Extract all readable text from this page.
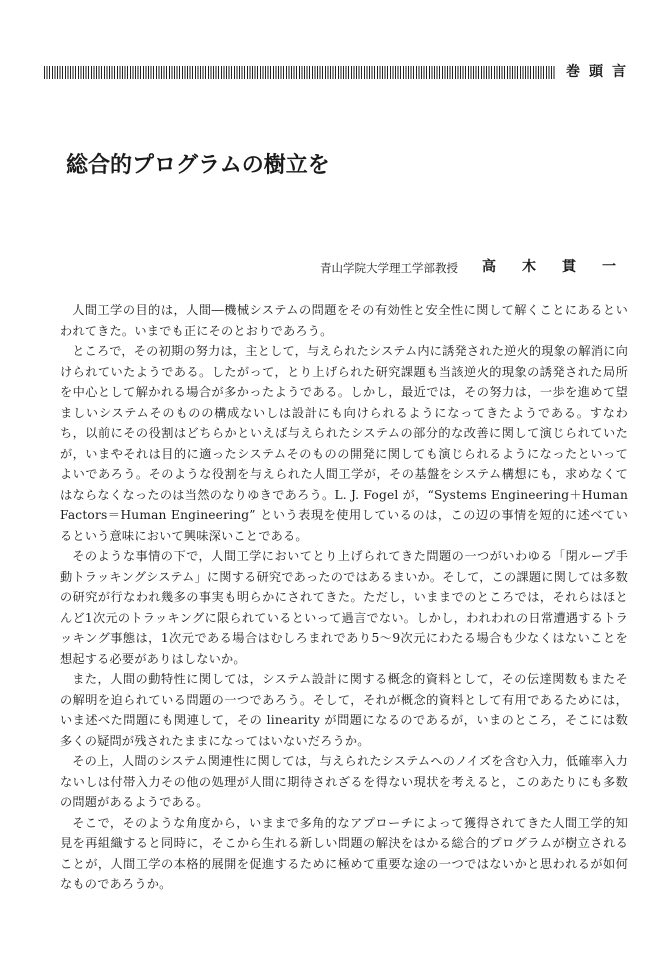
巻頭言
総合的プログラムの樹立を
青山学院大学理工学部教授 高木貫一

人間工学の目的は，人間―機械システムの問題をその有効性と安全性に関して解くことにあるといわれてきた。いまでも正にそのとおりであろう。

ところで，その初期の努力は，主として，与えられたシステム内に誘発された逆火的現象の解消に向けられていたようである。したがって，とり上げられた研究課題も当該逆火的現象の誘発された局所を中心として解かれる場合が多かったようである。しかし，最近では，その努力は，一歩を進めて望ましいシステムそのものの構成ないしは設計にも向けられるようになってきたようである。すなわち，以前にその役割はどちらかといえば与えられたシステムの部分的な改善に関して演じられていたが，いまやそれは目的に適ったシステムそのものの開発に関しても演じられるようになったといってよいであろう。そのような役割を与えられた人間工学が，その基盤をシステム構想にも，求めなくてはならなくなったのは当然のなりゆきであろう。L. J. Fogel が，“Systems Engineering＋Human Factors＝Human Engineering” という表現を使用しているのは，この辺の事情を短的に述べているという意味において興味深いことである。

そのような事情の下で，人間工学においてとり上げられてきた問題の一つがいわゆる「閉ループ手動トラッキングシステム」に関する研究であったのではあるまいか。そして，この課題に関しては多数の研究が行なわれ幾多の事実も明らかにされてきた。ただし，いままでのところでは，それらはほとんど1次元のトラッキングに限られているといって過言でない。しかし，われわれの日常遭遇するトラッキング事態は，1次元である場合はむしろまれであり5～9次元にわたる場合も少なくはないことを想起する必要がありはしないか。

また，人間の動特性に関しては，システム設計に関する概念的資料として，その伝達関数もまたその解明を迫られている問題の一つであろう。そして，それが概念的資料として有用であるためには，いま述べた問題にも関連して，その linearity が問題になるのであるが，いまのところ，そこには数多くの疑問が残されたままになってはいないだろうか。

その上，人間のシステム関連性に関しては，与えられたシステムへのノイズを含む入力，低確率入力ないしは付帯入力その他の処理が人間に期待されざるを得ない現状を考えると，このあたりにも多数の問題があるようである。

そこで，そのような角度から，いままで多角的なアプローチによって獲得されてきた人間工学的知見を再組織すると同時に，そこから生れる新しい問題の解決をはかる総合的プログラムが樹立されることが，人間工学の本格的展開を促進するために極めて重要な途の一つではないかと思われるが如何なものであろうか。
